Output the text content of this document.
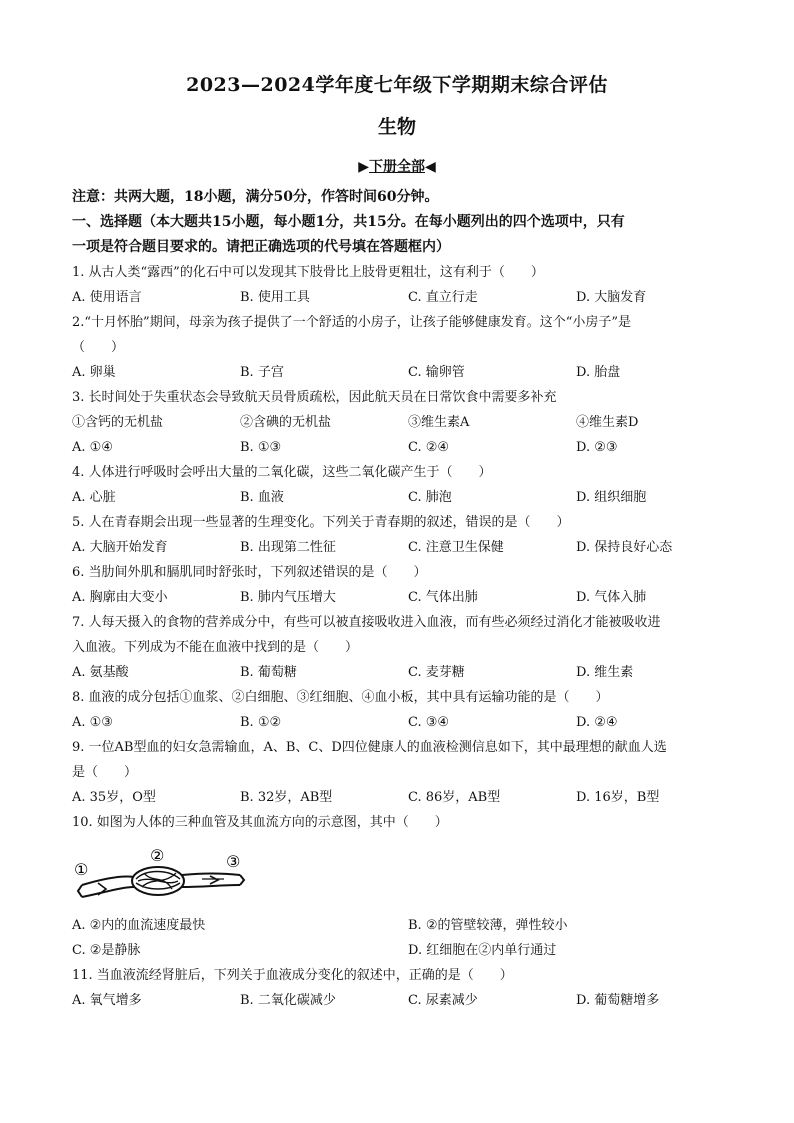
2023—2024学年度七年级下学期期末综合评估
生物
▶下册全部◀
注意：共两大题，18小题，满分50分，作答时间60分钟。
一、选择题（本大题共15小题，每小题1分，共15分。在每小题列出的四个选项中，只有
一项是符合题目要求的。请把正确选项的代号填在答题框内）
1. 从古人类“露西”的化石中可以发现其下肢骨比上肢骨更粗壮，这有利于（　　）
A. 使用语言	B. 使用工具	C. 直立行走	D. 大脑发育
2.“十月怀胎”期间，母亲为孩子提供了一个舒适的小房子，让孩子能够健康发育。这个“小房子”是
（　　）
A. 卵巢	B. 子宫	C. 输卵管	D. 胎盘
3. 长时间处于失重状态会导致航天员骨质疏松，因此航天员在日常饮食中需要多补充
①含钙的无机盐	②含碘的无机盐	③维生素A	④维生素D
A. ①④	B. ①③	C. ②④	D. ②③
4. 人体进行呼吸时会呼出大量的二氧化碳，这些二氧化碳产生于（　　）
A. 心脏	B. 血液	C. 肺泡	D. 组织细胞
5. 人在青春期会出现一些显著的生理变化。下列关于青春期的叙述，错误的是（　　）
A. 大脑开始发育	B. 出现第二性征	C. 注意卫生保健	D. 保持良好心态
6. 当肋间外肌和膈肌同时舒张时，下列叙述错误的是（　　）
A. 胸廓由大变小	B. 肺内气压增大	C. 气体出肺	D. 气体入肺
7. 人每天摄入的食物的营养成分中，有些可以被直接吸收进入血液，而有些必须经过消化才能被吸收进
入血液。下列成为不能在血液中找到的是（　　）
A. 氨基酸	B. 葡萄糖	C. 麦芽糖	D. 维生素
8. 血液的成分包括①血浆、②白细胞、③红细胞、④血小板，其中具有运输功能的是（　　）
A. ①③	B. ①②	C. ③④	D. ②④
9. 一位AB型血的妇女急需输血，A、B、C、D四位健康人的血液检测信息如下，其中最理想的献血人选
是（　　）
A. 35岁，O型	B. 32岁，AB型	C. 86岁，AB型	D. 16岁，B型
10. 如图为人体的三种血管及其血流方向的示意图，其中（　　）
①
②	③
A. ②内的血流速度最快	B. ②的管壁较薄，弹性较小
C. ②是静脉	D. 红细胞在②内单行通过
11. 当血液流经肾脏后，下列关于血液成分变化的叙述中，正确的是（　　）
A. 氧气增多	B. 二氧化碳减少	C. 尿素减少	D. 葡萄糖增多
